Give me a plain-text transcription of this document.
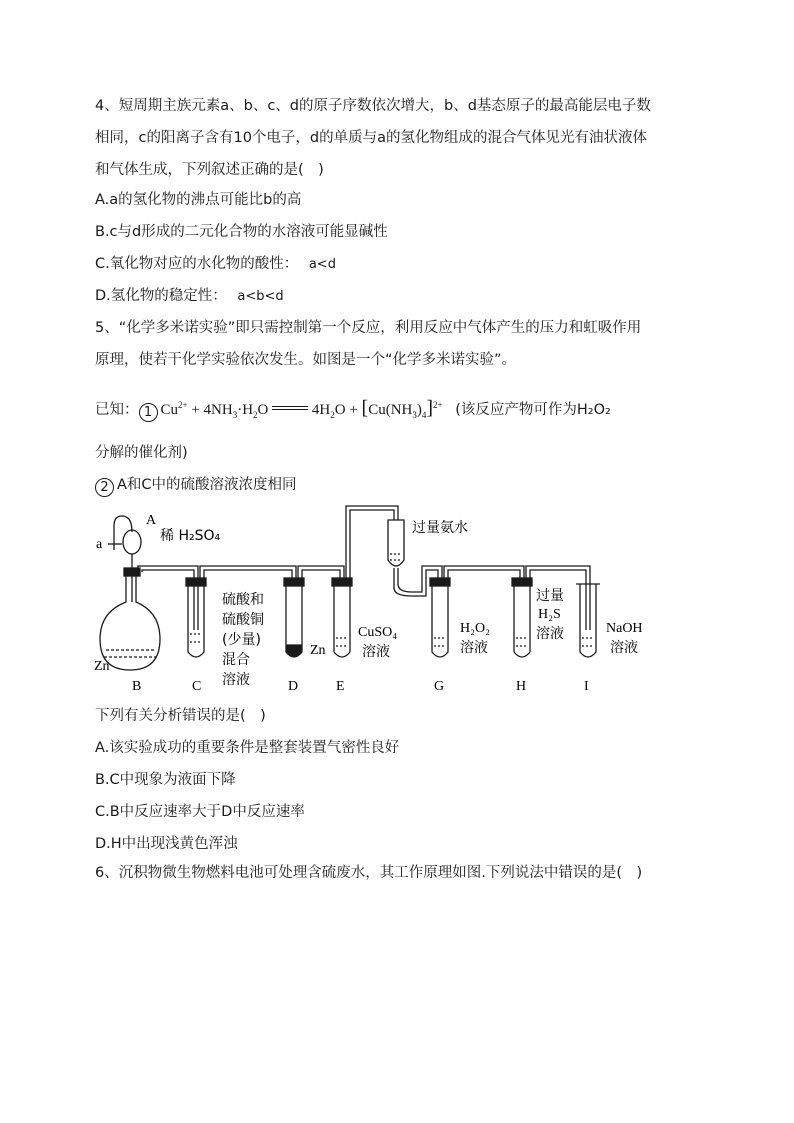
4、短周期主族元素a、b、c、d的原子序数依次增大，b、d基态原子的最高能层电子数
相同，c的阳离子含有10个电子，d的单质与a的氢化物组成的混合气体见光有油状液体
和气体生成，下列叙述正确的是(　)
A.a的氢化物的沸点可能比b的高
B.c与d形成的二元化合物的水溶液可能显碱性
C.氧化物对应的水化物的酸性： a<d
D.氢化物的稳定性： a<b<d
5、“化学多米诺实验”即只需控制第一个反应，利用反应中气体产生的压力和虹吸作用
原理，使若干化学实验依次发生。如图是一个“化学多米诺实验”。
已知： 1 $Cu^{2+} + 4NH_3\cdot H_2O$  $4H_2O + [Cu(NH_3)_4]^{2+}$ (该反应产物可作为H₂O₂
分解的催化剂)
2 A和C中的硫酸溶液浓度相同
A
a
稀 H₂SO₄
Zn
B
硫酸和
硫酸铜
(少量)
混合
溶液
C
Zn
D
CuSO₄
溶液
E
过量氨水
H₂O₂
溶液
G
过量
H₂S
溶液
H
NaOH
溶液
I
下列有关分析错误的是(　)
A.该实验成功的重要条件是整套装置气密性良好
B.C中现象为液面下降
C.B中反应速率大于D中反应速率
D.H中出现浅黄色浑浊
6、沉积物微生物燃料电池可处理含硫废水，其工作原理如图.下列说法中错误的是(　)
